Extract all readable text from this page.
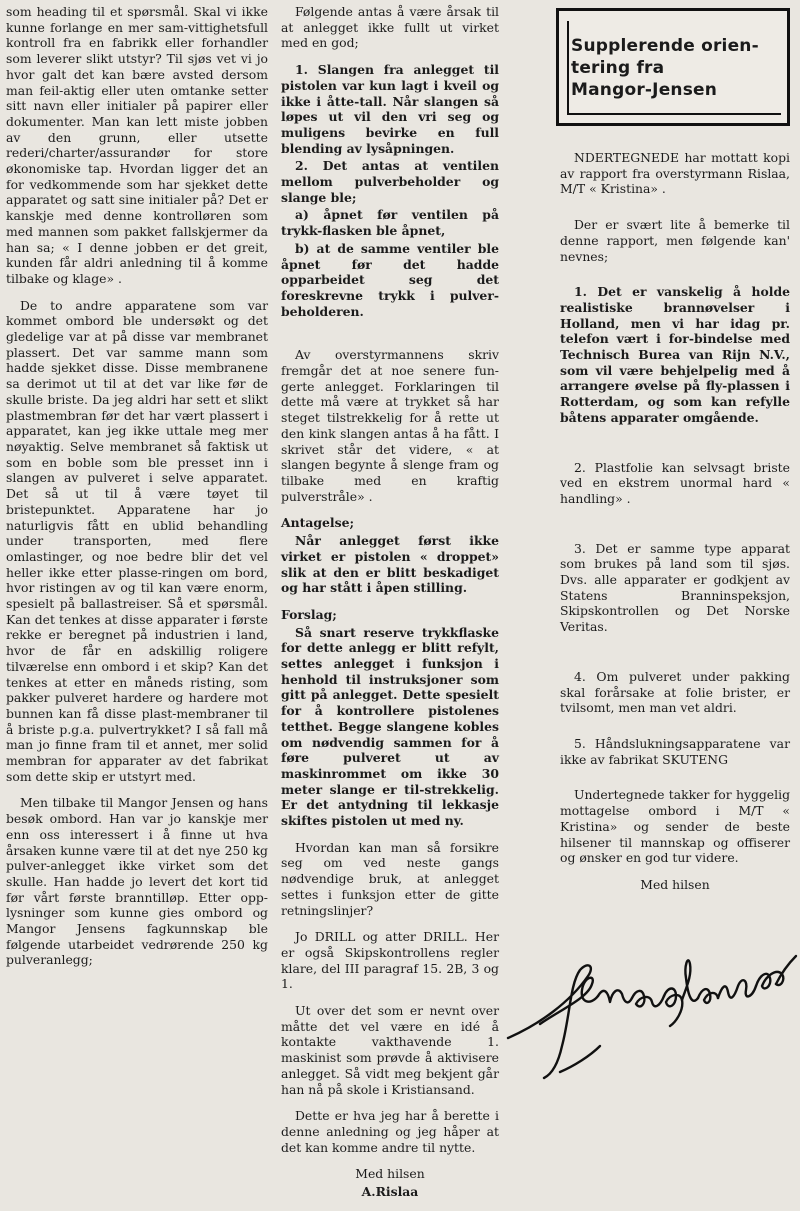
som heading til et spørsmål. Skal vi ikke kunne forlange en mer sam-vittighetsfull kontroll fra en fabrikk eller forhandler som leverer slikt utstyr? Til sjøs vet vi jo hvor galt det kan bære avsted dersom man feil-aktig eller uten omtanke setter sitt navn eller initialer på papirer eller dokumenter. Man kan lett miste jobben av den grunn, eller utsette rederi/charter/assurandør for store økonomiske tap. Hvordan ligger det an for vedkommende som har sjekket dette apparatet og satt sine initialer på? Det er kanskje med denne kontrolløren som med mannen som pakket fallskjermer da han sa; « I denne jobben er det greit, kunden får aldri anledning til å komme tilbake og klage» .

De to andre apparatene som var kommet ombord ble undersøkt og det gledelige var at på disse var membranet plassert. Det var samme mann som hadde sjekket disse. Disse membranene sa derimot ut til at det var like før de skulle briste. Da jeg aldri har sett et slikt plastmembran før det har vært plassert i apparatet, kan jeg ikke uttale meg mer nøyaktig. Selve membranet så faktisk ut som en boble som ble presset inn i slangen av pulveret i selve apparatet. Det så ut til å være tøyet til bristepunktet. Apparatene har jo naturligvis fått en ublid behandling under transporten, med flere omlastinger, og noe bedre blir det vel heller ikke etter plasse-ringen om bord, hvor ristingen av og til kan være enorm, spesielt på ballastreiser. Så et spørsmål. Kan det tenkes at disse apparater i første rekke er beregnet på industrien i land, hvor de får en adskillig roligere tilværelse enn ombord i et skip? Kan det tenkes at etter en måneds risting, som pakker pulveret hardere og hardere mot bunnen kan få disse plast-membraner til å briste p.g.a. pulvertrykket? I så fall må man jo finne fram til et annet, mer solid membran for apparater av det fabrikat som dette skip er utstyrt med.

Men tilbake til Mangor Jensen og hans besøk ombord. Han var jo kanskje mer enn oss interessert i å finne ut hva årsaken kunne være til at det nye 250 kg pulver-anlegget ikke virket som det skulle. Han hadde jo levert det kort tid før vårt første branntilløp. Etter opp-lysninger som kunne gies ombord og Mangor Jensens fagkunnskap ble følgende utarbeidet vedrørende 250 kg pulveranlegg;

Følgende antas å være årsak til at anlegget ikke fullt ut virket med en god;

1. Slangen fra anlegget til pistolen var kun lagt i kveil og ikke i åtte-tall. Når slangen så løpes ut vil den vri seg og muligens bevirke en full blending av lysåpningen.

2. Det antas at ventilen mellom pulverbeholder og slange ble;

a) åpnet før ventilen på trykk-flasken ble åpnet,

b) at de samme ventiler ble åpnet før det hadde opparbeidet seg det foreskrevne trykk i pulver-beholderen.

Av overstyrmannens skriv fremgår det at noe senere fun-gerte anlegget. Forklaringen til dette må være at trykket så har steget tilstrekkelig for å rette ut den kink slangen antas å ha fått. I skrivet står det videre, « at slangen begynte å slenge fram og tilbake med en kraftig pulverstråle» .

Antagelse;

Når anlegget først ikke virket er pistolen « droppet» slik at den er blitt beskadiget og har stått i åpen stilling.

Forslag;

Så snart reserve trykkflaske for dette anlegg er blitt refylt, settes anlegget i funksjon i henhold til instruksjoner som gitt på anlegget. Dette spesielt for å kontrollere pistolenes tetthet. Begge slangene kobles om nødvendig sammen for å føre pulveret ut av maskinrommet om ikke 30 meter slange er til-strekkelig. Er det antydning til lekkasje skiftes pistolen ut med ny.

Hvordan kan man så forsikre seg om ved neste gangs nødvendige bruk, at anlegget settes i funksjon etter de gitte retningslinjer?

Jo DRILL og atter DRILL. Her er også Skipskontrollens regler klare, del III paragraf 15. 2B, 3 og 1.

Ut over det som er nevnt over måtte det vel være en idé å kontakte vakthavende 1. maskinist som prøvde å aktivisere anlegget. Så vidt meg bekjent går han nå på skole i Kristiansand.

Dette er hva jeg har å berette i denne anledning og jeg håper at det kan komme andre til nytte.

Med hilsen

A.Rislaa

Supplerende orien-
tering fra
Mangor-Jensen

NDERTEGNEDE har mottatt kopi av rapport fra overstyrmann Rislaa, M/T « Kristina» .

Der er svært lite å bemerke til denne rapport, men følgende kan' nevnes;

1. Det er vanskelig å holde realistiske brannøvelser i Holland, men vi har idag pr. telefon vært i for-bindelse med Technisch Burea van Rijn N.V., som vil være behjelpelig med å arrangere øvelse på fly-plassen i Rotterdam, og som kan refylle båtens apparater omgående.

2. Plastfolie kan selvsagt briste ved en ekstrem unormal hard « handling» .

3. Det er samme type apparat som brukes på land som til sjøs. Dvs. alle apparater er godkjent av Statens Branninspeksjon, Skipskontrollen og Det Norske Veritas.

4. Om pulveret under pakking skal forårsake at folie brister, er tvilsomt, men man vet aldri.

5. Håndslukningsapparatene var ikke av fabrikat SKUTENG

Undertegnede takker for hyggelig mottagelse ombord i M/T « Kristina» og sender de beste hilsener til mannskap og offiserer og ønsker en god tur videre.

Med hilsen
